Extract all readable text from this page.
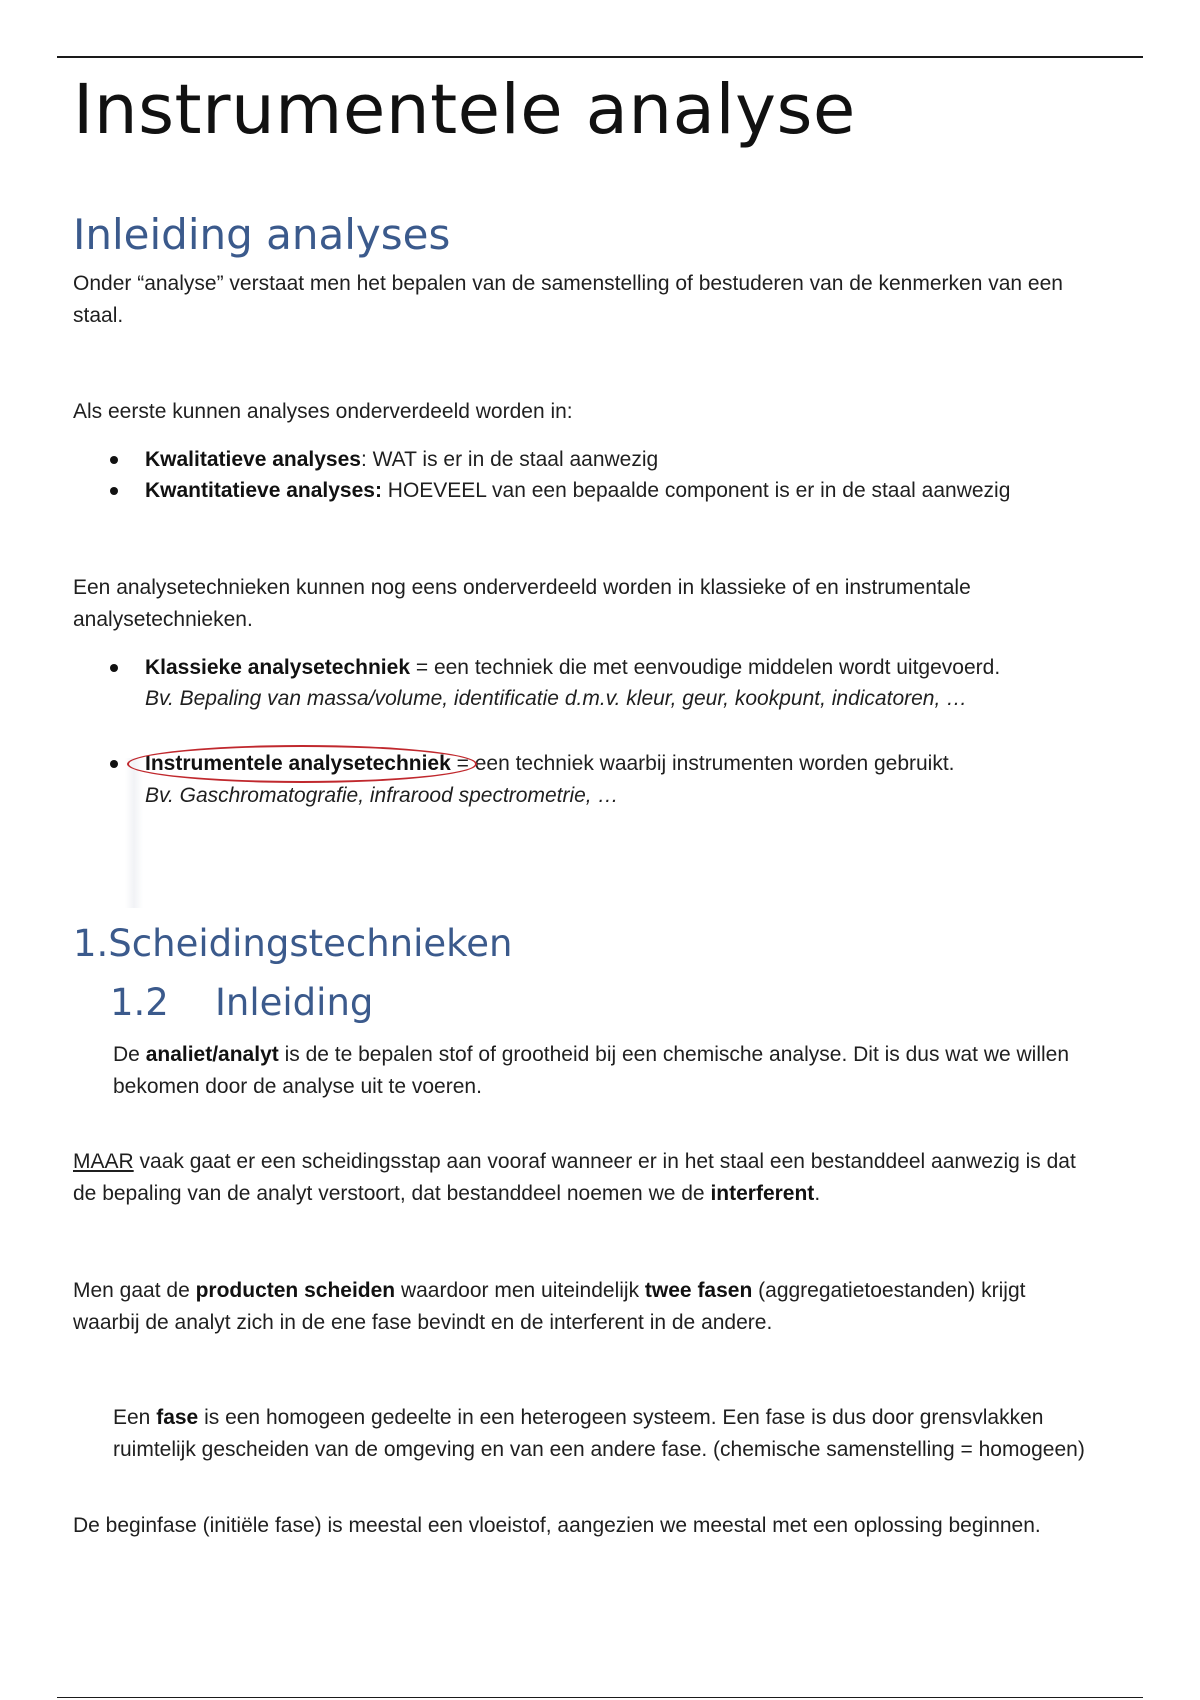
Instrumentele analyse
Inleiding analyses
Onder “analyse” verstaat men het bepalen van de samenstelling of bestuderen van de kenmerken van een
staal.
Als eerste kunnen analyses onderverdeeld worden in:
Kwalitatieve analyses: WAT is er in de staal aanwezig
Kwantitatieve analyses: HOEVEEL van een bepaalde component is er in de staal aanwezig
Een analysetechnieken kunnen nog eens onderverdeeld worden in klassieke of en instrumentale
analysetechnieken.
Klassieke analysetechniek = een techniek die met eenvoudige middelen wordt uitgevoerd.
Bv. Bepaling van massa/volume, identificatie d.m.v. kleur, geur, kookpunt, indicatoren, …
Instrumentele analysetechniek = een techniek waarbij instrumenten worden gebruikt.
Bv. Gaschromatografie, infrarood spectrometrie, …
1.Scheidingstechnieken
1.2 Inleiding
De analiet/analyt is de te bepalen stof of grootheid bij een chemische analyse. Dit is dus wat we willen
bekomen door de analyse uit te voeren.
MAAR vaak gaat er een scheidingsstap aan vooraf wanneer er in het staal een bestanddeel aanwezig is dat
de bepaling van de analyt verstoort, dat bestanddeel noemen we de interferent.
Men gaat de producten scheiden waardoor men uiteindelijk twee fasen (aggregatietoestanden) krijgt
waarbij de analyt zich in de ene fase bevindt en de interferent in de andere.
Een fase is een homogeen gedeelte in een heterogeen systeem. Een fase is dus door grensvlakken
ruimtelijk gescheiden van de omgeving en van een andere fase. (chemische samenstelling = homogeen)
De beginfase (initiële fase) is meestal een vloeistof, aangezien we meestal met een oplossing beginnen.
